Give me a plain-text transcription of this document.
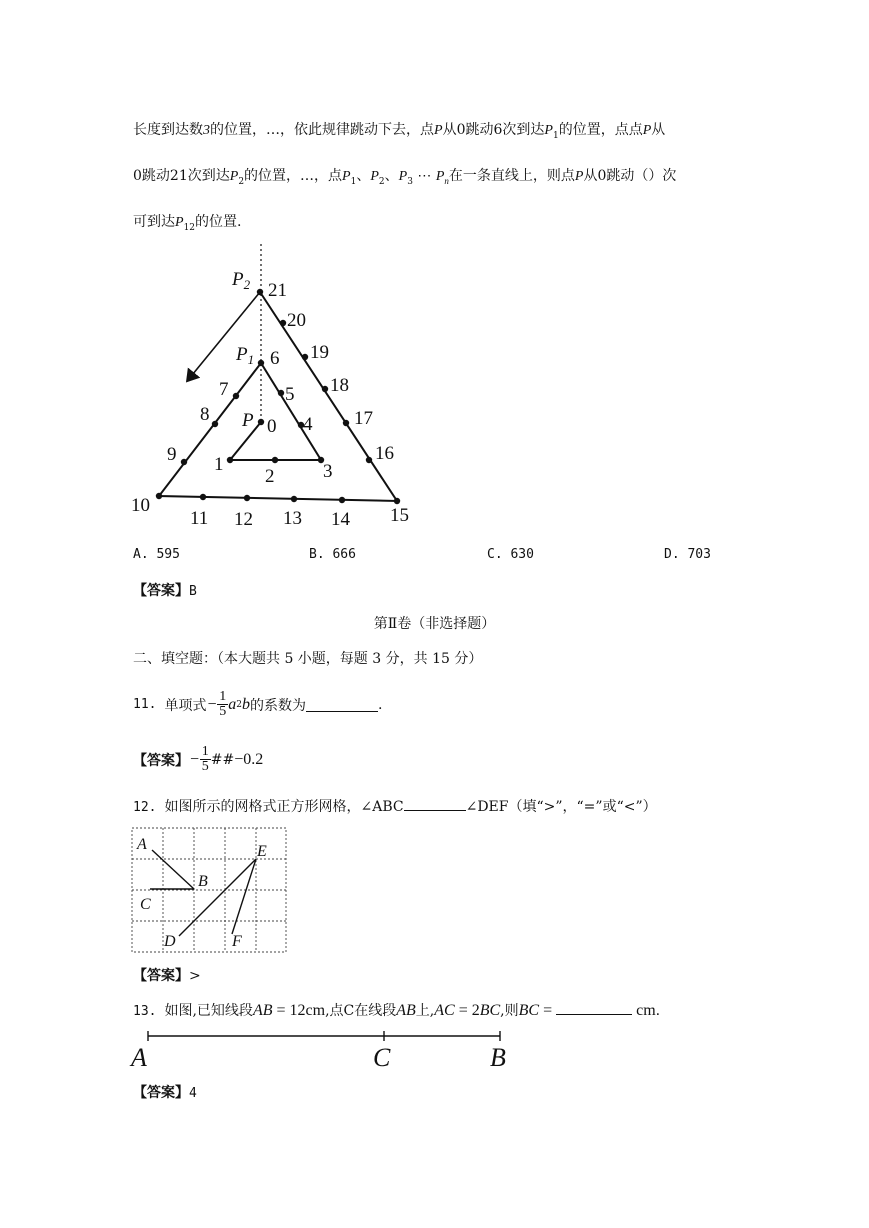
长度到达数3的位置，…，依此规律跳动下去，点P从0跳动6次到达$P_1$的位置，点点P从
0跳动21次到达$P_2$的位置，…，点$P_1$、$P_2$、$P_3$ ⋯ $P_n$在一条直线上，则点P从0跳动（）次
可到达$P_{12}$的位置.
$P_2$ 21
20
$P_1$ 6 19
7	5 18
8 P 0 4 17
9 1	3
2
16
10
11 12 13 14 15
A. 595	B. 666	C. 630	D. 703
【答案】B
第Ⅱ卷（非选择题）
二、填空题：（本大题共 5 小题，每题 3 分，共 15 分）
11. 单项式 − $\frac{1}{5}$ a 2 b 的系数为	.
【答案】 − $\frac{1}{5}$ ## −0.2
12. 如图所示的网格式正方形网格，∠ABC	∠DEF（填“>”，“=”或“<”）
A
B
C
D
E
F
【答案】>
13. 如图,已知线段AB = 12cm,点C在线段AB上,AC = 2BC,则BC =	cm.
A	C	B
【答案】4
